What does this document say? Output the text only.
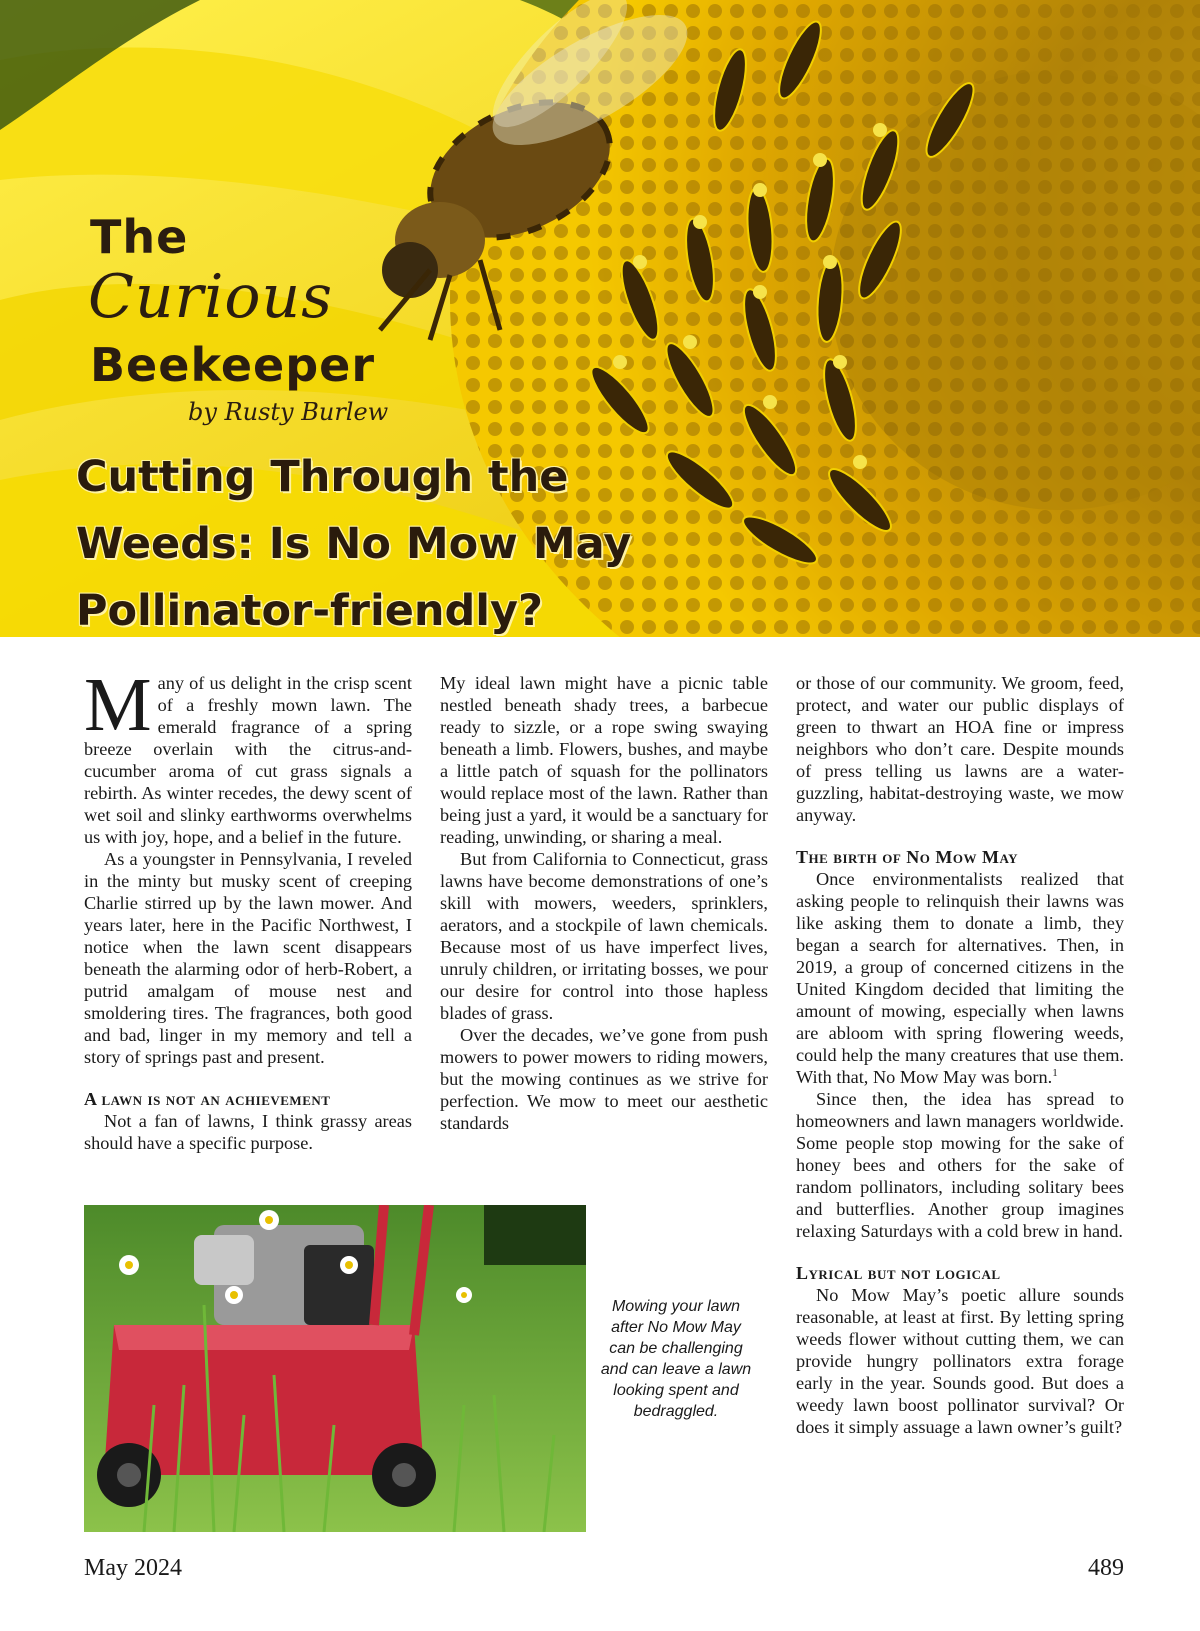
The
Curious
Beekeeper
by Rusty Burlew
Cutting Through the
Weeds: Is No Mow May
Pollinator-friendly?

Many of us delight in the crisp scent of a freshly mown lawn. The emerald fragrance of a spring breeze overlain with the citrus-and-cucumber aroma of cut grass signals a rebirth. As winter recedes, the dewy scent of wet soil and slinky earthworms overwhelms us with joy, hope, and a belief in the future.

As a youngster in Pennsylvania, I reveled in the minty but musky scent of creeping Charlie stirred up by the lawn mower. And years later, here in the Pacific Northwest, I notice when the lawn scent disappears beneath the alarming odor of herb-Robert, a putrid amalgam of mouse nest and smoldering tires. The fragrances, both good and bad, linger in my memory and tell a story of springs past and present.

A lawn is not an achievement

Not a fan of lawns, I think grassy areas should have a specific purpose.

My ideal lawn might have a picnic table nestled beneath shady trees, a barbecue ready to sizzle, or a rope swing swaying beneath a limb. Flowers, bushes, and maybe a little patch of squash for the pollinators would replace most of the lawn. Rather than being just a yard, it would be a sanctuary for reading, unwinding, or sharing a meal.

But from California to Connecticut, grass lawns have become demonstrations of one’s skill with mowers, weeders, sprinklers, aerators, and a stockpile of lawn chemicals. Because most of us have imperfect lives, unruly children, or irritating bosses, we pour our desire for control into those hapless blades of grass.

Over the decades, we’ve gone from push mowers to power mowers to riding mowers, but the mowing continues as we strive for perfection. We mow to meet our aesthetic standards

or those of our community. We groom, feed, protect, and water our public displays of green to thwart an HOA fine or impress neighbors who don’t care. Despite mounds of press telling us lawns are a water-guzzling, habitat-destroying waste, we mow anyway.

The birth of No Mow May

Once environmentalists realized that asking people to relinquish their lawns was like asking them to donate a limb, they began a search for alternatives. Then, in 2019, a group of concerned citizens in the United Kingdom decided that limiting the amount of mowing, especially when lawns are abloom with spring flowering weeds, could help the many creatures that use them. With that, No Mow May was born.$^1$

Since then, the idea has spread to homeowners and lawn managers worldwide. Some people stop mowing for the sake of honey bees and others for the sake of random pollinators, including solitary bees and butterflies. Another group imagines relaxing Saturdays with a cold brew in hand.

Lyrical but not logical

No Mow May’s poetic allure sounds reasonable, at least at first. By letting spring weeds flower without cutting them, we can provide hungry pollinators extra forage early in the year. Sounds good. But does a weedy lawn boost pollinator survival? Or does it simply assuage a lawn owner’s guilt?

Mowing your lawn after No Mow May can be challenging and can leave a lawn looking spent and bedraggled.
May 2024	489
